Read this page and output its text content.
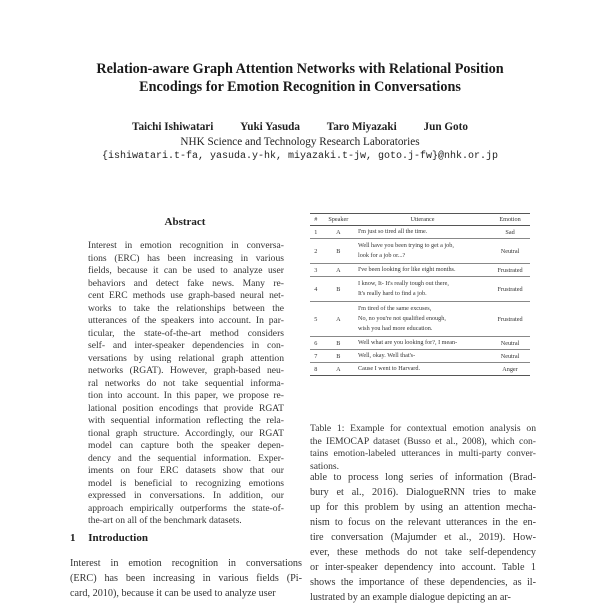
Relation-aware Graph Attention Networks with Relational Position
Encodings for Emotion Recognition in Conversations
Taichi Ishiwatari Yuki Yasuda Taro Miyazaki Jun Goto
NHK Science and Technology Research Laboratories
{ishiwatari.t-fa, yasuda.y-hk, miyazaki.t-jw, goto.j-fw}@nhk.or.jp
Abstract
Interest in emotion recognition in conversa-
tions (ERC) has been increasing in various
fields, because it can be used to analyze user
behaviors and detect fake news. Many re-
cent ERC methods use graph-based neural net-
works to take the relationships between the
utterances of the speakers into account. In par-
ticular, the state-of-the-art method considers
self- and inter-speaker dependencies in con-
versations by using relational graph attention
networks (RGAT). However, graph-based neu-
ral networks do not take sequential informa-
tion into account. In this paper, we propose re-
lational position encodings that provide RGAT
with sequential information reflecting the rela-
tional graph structure. Accordingly, our RGAT
model can capture both the speaker depen-
dency and the sequential information. Exper-
iments on four ERC datasets show that our
model is beneficial to recognizing emotions
expressed in conversations. In addition, our
approach empirically outperforms the state-of-
the-art on all of the benchmark datasets.
1 Introduction
Interest in emotion recognition in conversations
(ERC) has been increasing in various fields (Pi-
card, 2010), because it can be used to analyze user
#	Speaker	Utterance	Emotion
1	A	I'm just so tired all the time.	Sad
2	B	Well have you been trying to get a job,
look for a job or...?	Neutral
3	A	I've been looking for like eight months.	Frustrated
4	B	I know, It- It's really tough out there,
It's really hard to find a job.	Frustrated
5	A	I'm tired of the same excuses,
No, no you're not qualified enough,
wish you had more education.	Frustrated
6	B	Well what are you looking for?, I mean-	Neutral
7	B	Well, okay. Well that's-	Neutral
8	A	Cause I went to Harvard.	Anger
Table 1: Example for contextual emotion analysis on
the IEMOCAP dataset (Busso et al., 2008), which con-
tains emotion-labeled utterances in multi-party conver-
sations.
able to process long series of information (Brad-
bury et al., 2016). DialogueRNN tries to make
up for this problem by using an attention mecha-
nism to focus on the relevant utterances in the en-
tire conversation (Majumder et al., 2019). How-
ever, these methods do not take self-dependency
or inter-speaker dependency into account. Table 1
shows the importance of these dependencies, as il-
lustrated by an example dialogue depicting an ar-
